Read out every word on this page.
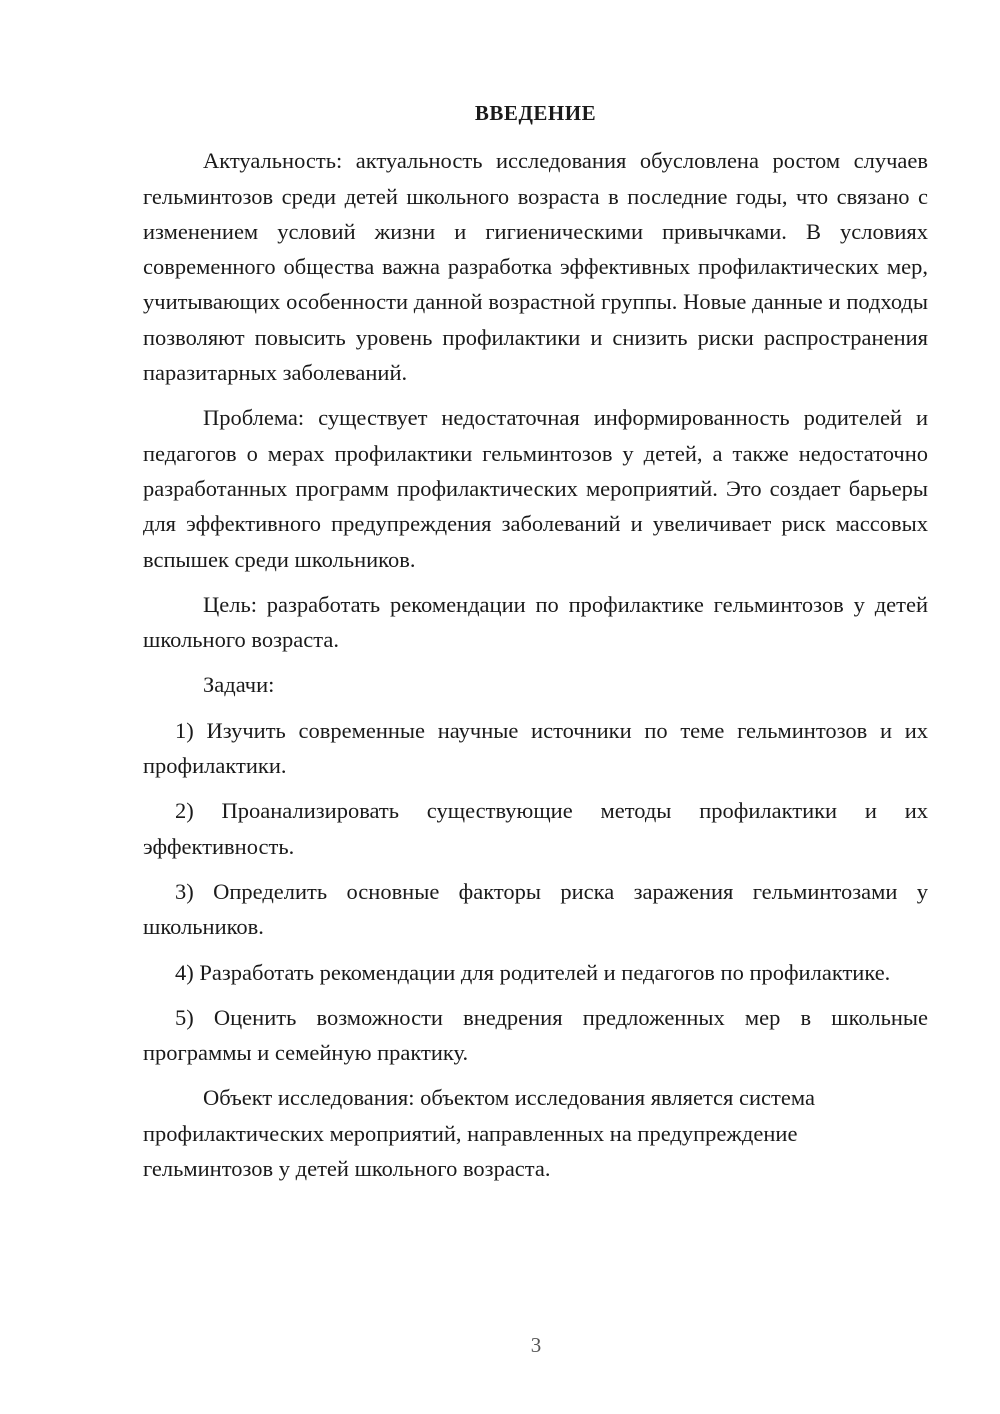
ВВЕДЕНИЕ

Актуальность: актуальность исследования обусловлена ростом случаев гельминтозов среди детей школьного возраста в последние годы, что связано с изменением условий жизни и гигиеническими привычками. В условиях современного общества важна разработка эффективных профилактических мер, учитывающих особенности данной возрастной группы. Новые данные и подходы позволяют повысить уровень профилактики и снизить риски распространения паразитарных заболеваний.

Проблема: существует недостаточная информированность родителей и педагогов о мерах профилактики гельминтозов у детей, а также недостаточно разработанных программ профилактических мероприятий. Это создает барьеры для эффективного предупреждения заболеваний и увеличивает риск массовых вспышек среди школьников.

Цель: разработать рекомендации по профилактике гельминтозов у детей школьного возраста.

Задачи:

1) Изучить современные научные источники по теме гельминтозов и их профилактики.

2) Проанализировать существующие методы профилактики и их эффективность.

3) Определить основные факторы риска заражения гельминтозами у школьников.

4) Разработать рекомендации для родителей и педагогов по профилактике.

5) Оценить возможности внедрения предложенных мер в школьные программы и семейную практику.

Объект исследования: объектом исследования является система профилактических мероприятий, направленных на предупреждение гельминтозов у детей школьного возраста.

3
